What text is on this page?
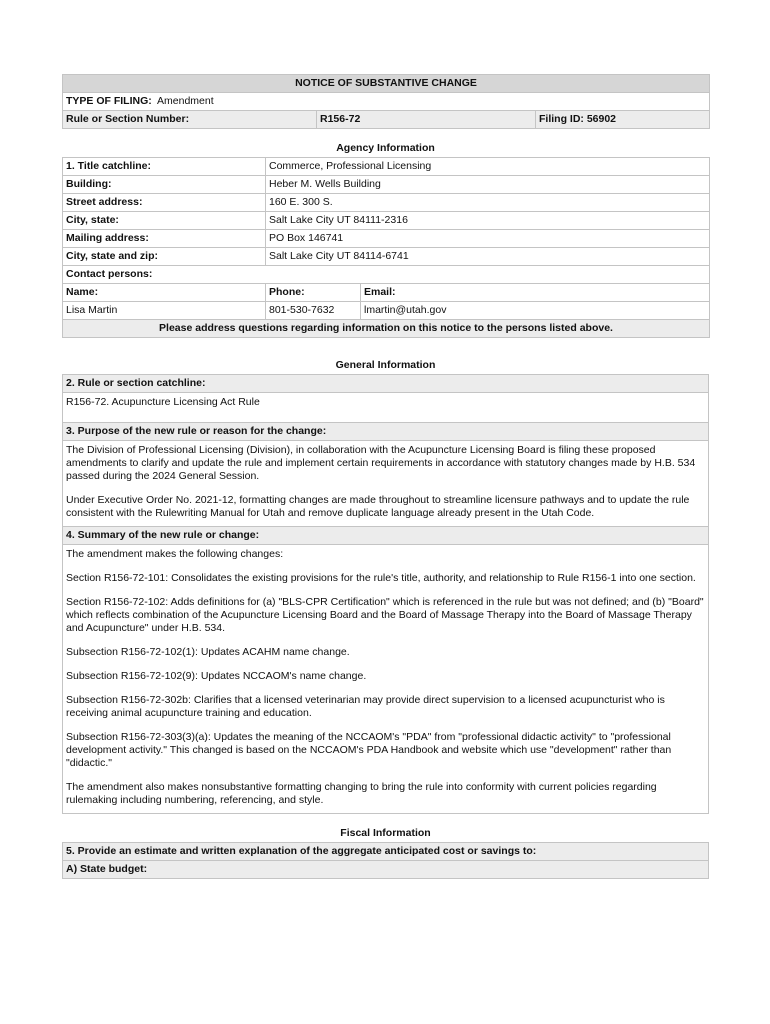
NOTICE OF SUBSTANTIVE CHANGE
TYPE OF FILING: Amendment
Rule or Section Number:	R156-72	Filing ID: 56902
Agency Information
1. Title catchline:	Commerce, Professional Licensing	
Building:	Heber M. Wells Building	
Street address:	160 E. 300 S.	
City, state:	Salt Lake City UT 84111-2316	
Mailing address:	PO Box 146741	
City, state and zip:	Salt Lake City UT 84114-6741	
Contact persons:		
Name:	Phone:	Email:
Lisa Martin	801-530-7632	lmartin@utah.gov
Please address questions regarding information on this notice to the persons listed above.		
General Information
2. Rule or section catchline:
R156-72. Acupuncture Licensing Act Rule
3. Purpose of the new rule or reason for the change:

The Division of Professional Licensing (Division), in collaboration with the Acupuncture Licensing Board is filing these proposed amendments to clarify and update the rule and implement certain requirements in accordance with statutory changes made by H.B. 534 passed during the 2024 General Session.

Under Executive Order No. 2021-12, formatting changes are made throughout to streamline licensure pathways and to update the rule consistent with the Rulewriting Manual for Utah and remove duplicate language already present in the Utah Code.

4. Summary of the new rule or change:

The amendment makes the following changes:

Section R156-72-101: Consolidates the existing provisions for the rule's title, authority, and relationship to Rule R156-1 into one section.

Section R156-72-102: Adds definitions for (a) "BLS-CPR Certification" which is referenced in the rule but was not defined; and (b) "Board" which reflects combination of the Acupuncture Licensing Board and the Board of Massage Therapy into the Board of Massage Therapy and Acupuncture" under H.B. 534.

Subsection R156-72-102(1): Updates ACAHM name change.

Subsection R156-72-102(9): Updates NCCAOM's name change.

Subsection R156-72-302b: Clarifies that a licensed veterinarian may provide direct supervision to a licensed acupuncturist who is receiving animal acupuncture training and education.

Subsection R156-72-303(3)(a): Updates the meaning of the NCCAOM's "PDA" from "professional didactic activity" to "professional development activity." This changed is based on the NCCAOM's PDA Handbook and website which use "development" rather than "didactic."

The amendment also makes nonsubstantive formatting changing to bring the rule into conformity with current policies regarding rulemaking including numbering, referencing, and style.

Fiscal Information
5. Provide an estimate and written explanation of the aggregate anticipated cost or savings to:
A) State budget:
